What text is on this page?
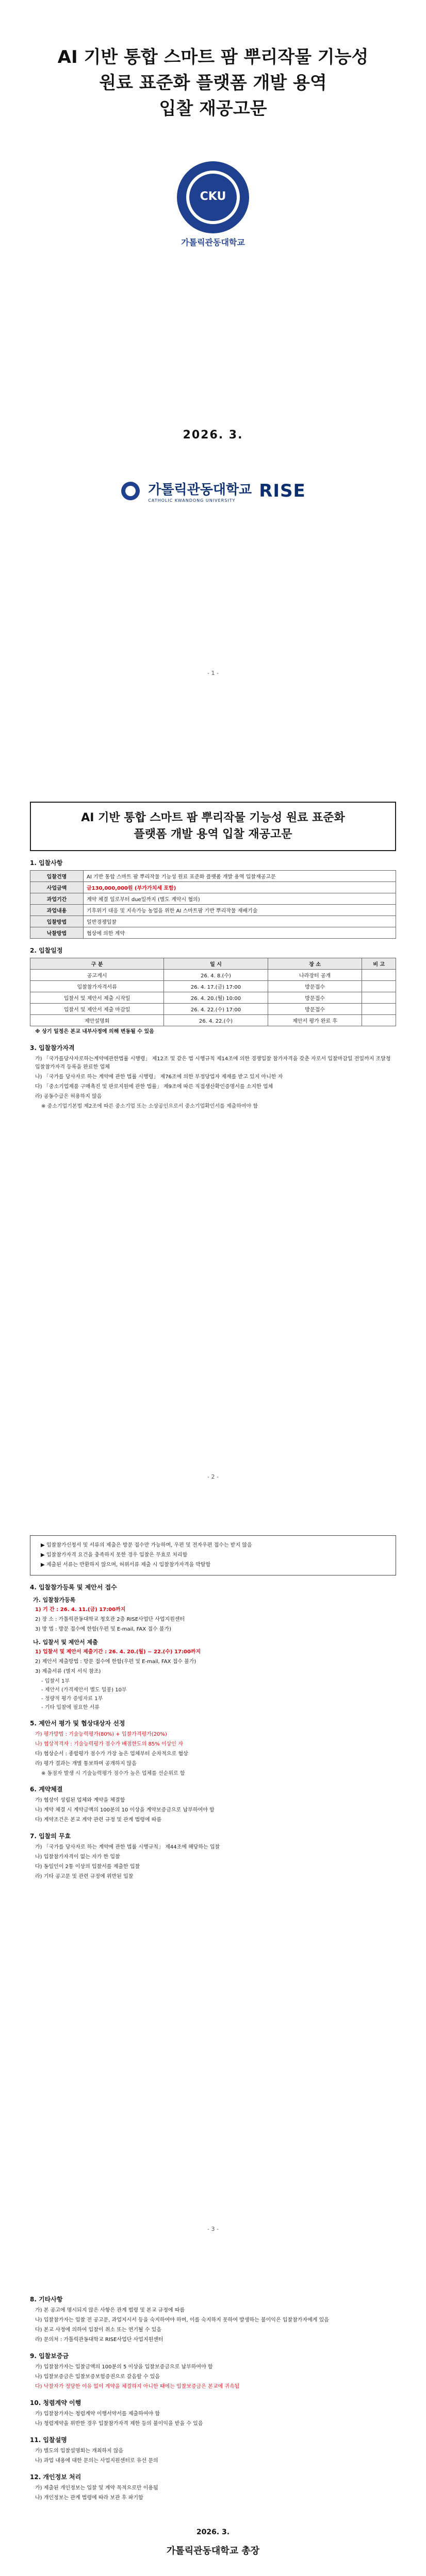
AI 기반 통합 스마트 팜 뿌리작물 기능성
원료 표준화 플랫폼 개발 용역
입찰 재공고문
CKU
가톨릭관동대학교
2026. 3.
가톨릭관동대학교
CATHOLIC KWANDONG UNIVERSITY	RISE
- 1 -
AI 기반 통합 스마트 팜 뿌리작물 기능성 원료 표준화
플랫폼 개발 용역 입찰 재공고문
1. 입찰사항
입찰건명	AI 기반 통합 스마트 팜 뿌리작물 기능성 원료 표준화 플랫폼 개발 용역 입찰재공고문
사업금액	금130,000,000원 (부가가치세 포함)
과업기간	계약 체결 일로부터 due일까지 (별도 계약시 협의)
과업내용	기후위기 대응 및 지속가능 농업을 위한 AI 스마트팜 기반 뿌리작물 재배기술
입찰방법	일반경쟁입찰
낙찰방법	협상에 의한 계약
2. 입찰일정
구 분	일 시	장 소	비 고
공고게시	26. 4. 8.(수)	나라장터 공개	
입찰참가자격서류	26. 4. 17.(금) 17:00	방문접수	
입찰서 및 제안서 제출 시작일	26. 4. 20.(월) 10:00	방문접수	
입찰서 및 제안서 제출 마감일	26. 4. 22.(수) 17:00	방문접수	
제안설명회	26. 4. 22.(수)	제안서 평가 완료 후	
※ 상기 일정은 본교 내부사정에 의해 변동될 수 있음
3. 입찰참가자격
가) 「국가를당사자로하는계약에관한법률 시행령」 제12조 및 같은 법 시행규칙 제14조에 의한 경쟁입찰 참가자격을 갖춘 자로서 입찰마감일 전일까지 조달청 입찰참가자격 등록을 완료한 업체
나) 「국가를 당사자로 하는 계약에 관한 법률 시행령」 제76조에 의한 부정당업자 제재를 받고 있지 아니한 자
다) 「중소기업제품 구매촉진 및 판로지원에 관한 법률」 제9조에 따른 직접생산확인증명서를 소지한 업체
라) 공동수급은 허용하지 않음
※ 중소기업기본법 제2조에 따른 중소기업 또는 소상공인으로서 중소기업확인서를 제출하여야 함
- 2 -
▶ 입찰참가신청서 및 서류의 제출은 방문 접수만 가능하며, 우편 및 전자우편 접수는 받지 않음
▶ 입찰참가자격 요건을 충족하지 못한 경우 입찰은 무효로 처리함
▶ 제출된 서류는 반환하지 않으며, 허위서류 제출 시 입찰참가자격을 박탈함
4. 입찰참가등록 및 제안서 접수
가. 입찰참가등록
1) 기 간 : 26. 4. 11.(금) 17:00까지
2) 장 소 : 가톨릭관동대학교 청호관 2층 RISE사업단 사업지원센터
3) 방 법 : 방문 접수에 한함(우편 및 E-mail, FAX 접수 불가)
나. 입찰서 및 제안서 제출
1) 입찰서 및 제안서 제출기간 : 26. 4. 20.(월) ~ 22.(수) 17:00까지
2) 제안서 제출방법 : 방문 접수에 한함(우편 및 E-mail, FAX 접수 불가)
3) 제출서류 (별지 서식 참조)
- 입찰서 1부
- 제안서 (가격제안서 별도 밀봉) 10부
- 정량적 평가 증빙자료 1부
- 기타 입찰에 필요한 서류
5. 제안서 평가 및 협상대상자 선정
가) 평가방법 : 기술능력평가(80%) + 입찰가격평가(20%)
나) 협상적격자 : 기술능력평가 점수가 배점한도의 85% 이상인 자
다) 협상순서 : 종합평가 점수가 가장 높은 업체부터 순차적으로 협상
라) 평가 결과는 개별 통보하며 공개하지 않음
※ 동점자 발생 시 기술능력평가 점수가 높은 업체를 선순위로 함
6. 계약체결
가) 협상이 성립된 업체와 계약을 체결함
나) 계약 체결 시 계약금액의 100분의 10 이상을 계약보증금으로 납부하여야 함
다) 계약조건은 본교 계약 관련 규정 및 관계 법령에 따름
7. 입찰의 무효
가) 「국가를 당사자로 하는 계약에 관한 법률 시행규칙」 제44조에 해당하는 입찰
나) 입찰참가자격이 없는 자가 한 입찰
다) 동일인이 2통 이상의 입찰서를 제출한 입찰
라) 기타 공고문 및 관련 규정에 위반된 입찰
- 3 -
8. 기타사항
가) 본 공고에 명시되지 않은 사항은 관계 법령 및 본교 규정에 따름
나) 입찰참가자는 입찰 전 공고문, 과업지시서 등을 숙지하여야 하며, 이를 숙지하지 못하여 발생하는 불이익은 입찰참가자에게 있음
다) 본교 사정에 의하여 입찰이 취소 또는 연기될 수 있음
라) 문의처 : 가톨릭관동대학교 RISE사업단 사업지원센터
9. 입찰보증금
가) 입찰참가자는 입찰금액의 100분의 5 이상을 입찰보증금으로 납부하여야 함
나) 입찰보증금은 입찰보증보험증권으로 갈음할 수 있음
다) 낙찰자가 정당한 이유 없이 계약을 체결하지 아니한 때에는 입찰보증금은 본교에 귀속됨
10. 청렴계약 이행
가) 입찰참가자는 청렴계약 이행서약서를 제출하여야 함
나) 청렴계약을 위반한 경우 입찰참가자격 제한 등의 불이익을 받을 수 있음
11. 입찰설명
가) 별도의 입찰설명회는 개최하지 않음
나) 과업 내용에 대한 문의는 사업지원센터로 유선 문의
12. 개인정보 처리
가) 제출된 개인정보는 입찰 및 계약 목적으로만 이용됨
나) 개인정보는 관계 법령에 따라 보관 후 파기함
2026. 3.
가톨릭관동대학교 총장
